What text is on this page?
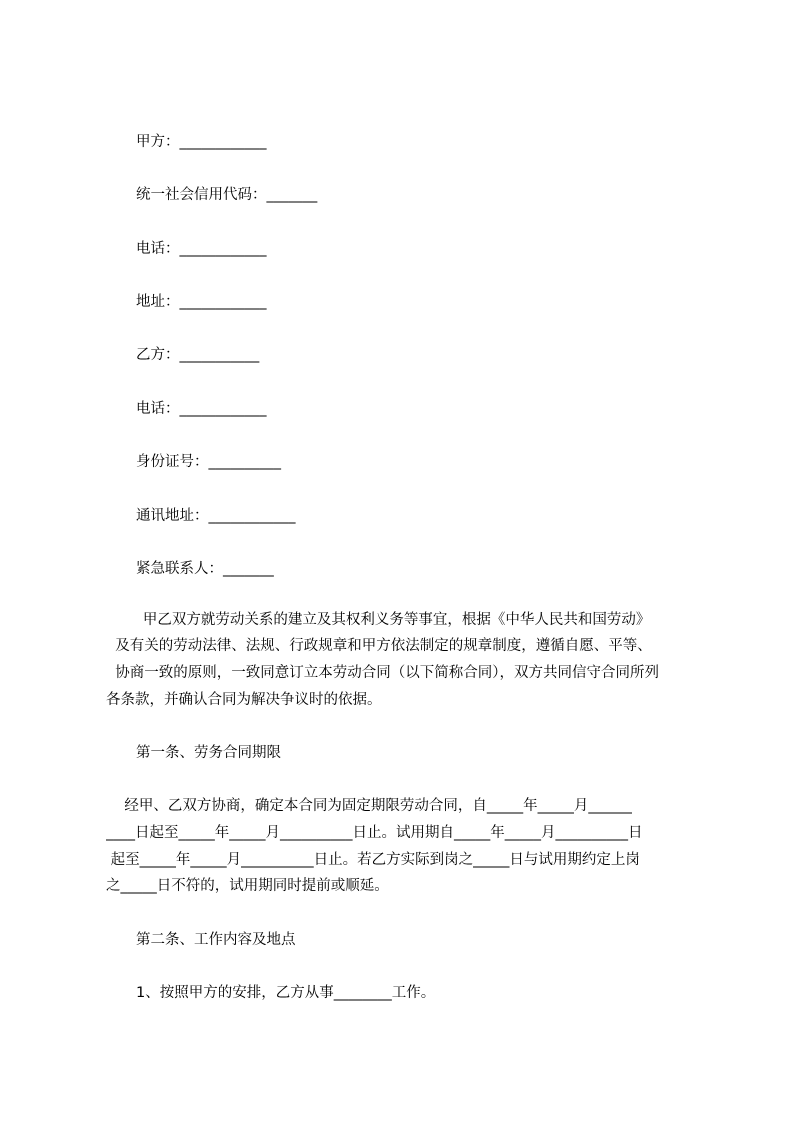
甲方：____________

统一社会信用代码：_______

电话：____________

地址：____________

乙方：___________

电话：____________

身份证号：__________

通讯地址：____________

紧急联系人：_______

甲乙双方就劳动关系的建立及其权利义务等事宜，根据《中华人民共和国劳动》

及有关的劳动法律、法规、行政规章和甲方依法制定的规章制度，遵循自愿、平等、

协商一致的原则，一致同意订立本劳动合同（以下简称合同），双方共同信守合同所列

各条款，并确认合同为解决争议时的依据。

第一条、劳务合同期限

经甲、乙双方协商，确定本合同为固定期限劳动合同，自_____年_____月______

____日起至_____年_____月__________日止。试用期自_____年_____月__________日

起至_____年_____月__________日止。若乙方实际到岗之_____日与试用期约定上岗

之_____日不符的，试用期同时提前或顺延。

第二条、工作内容及地点

1、按照甲方的安排，乙方从事________工作。
